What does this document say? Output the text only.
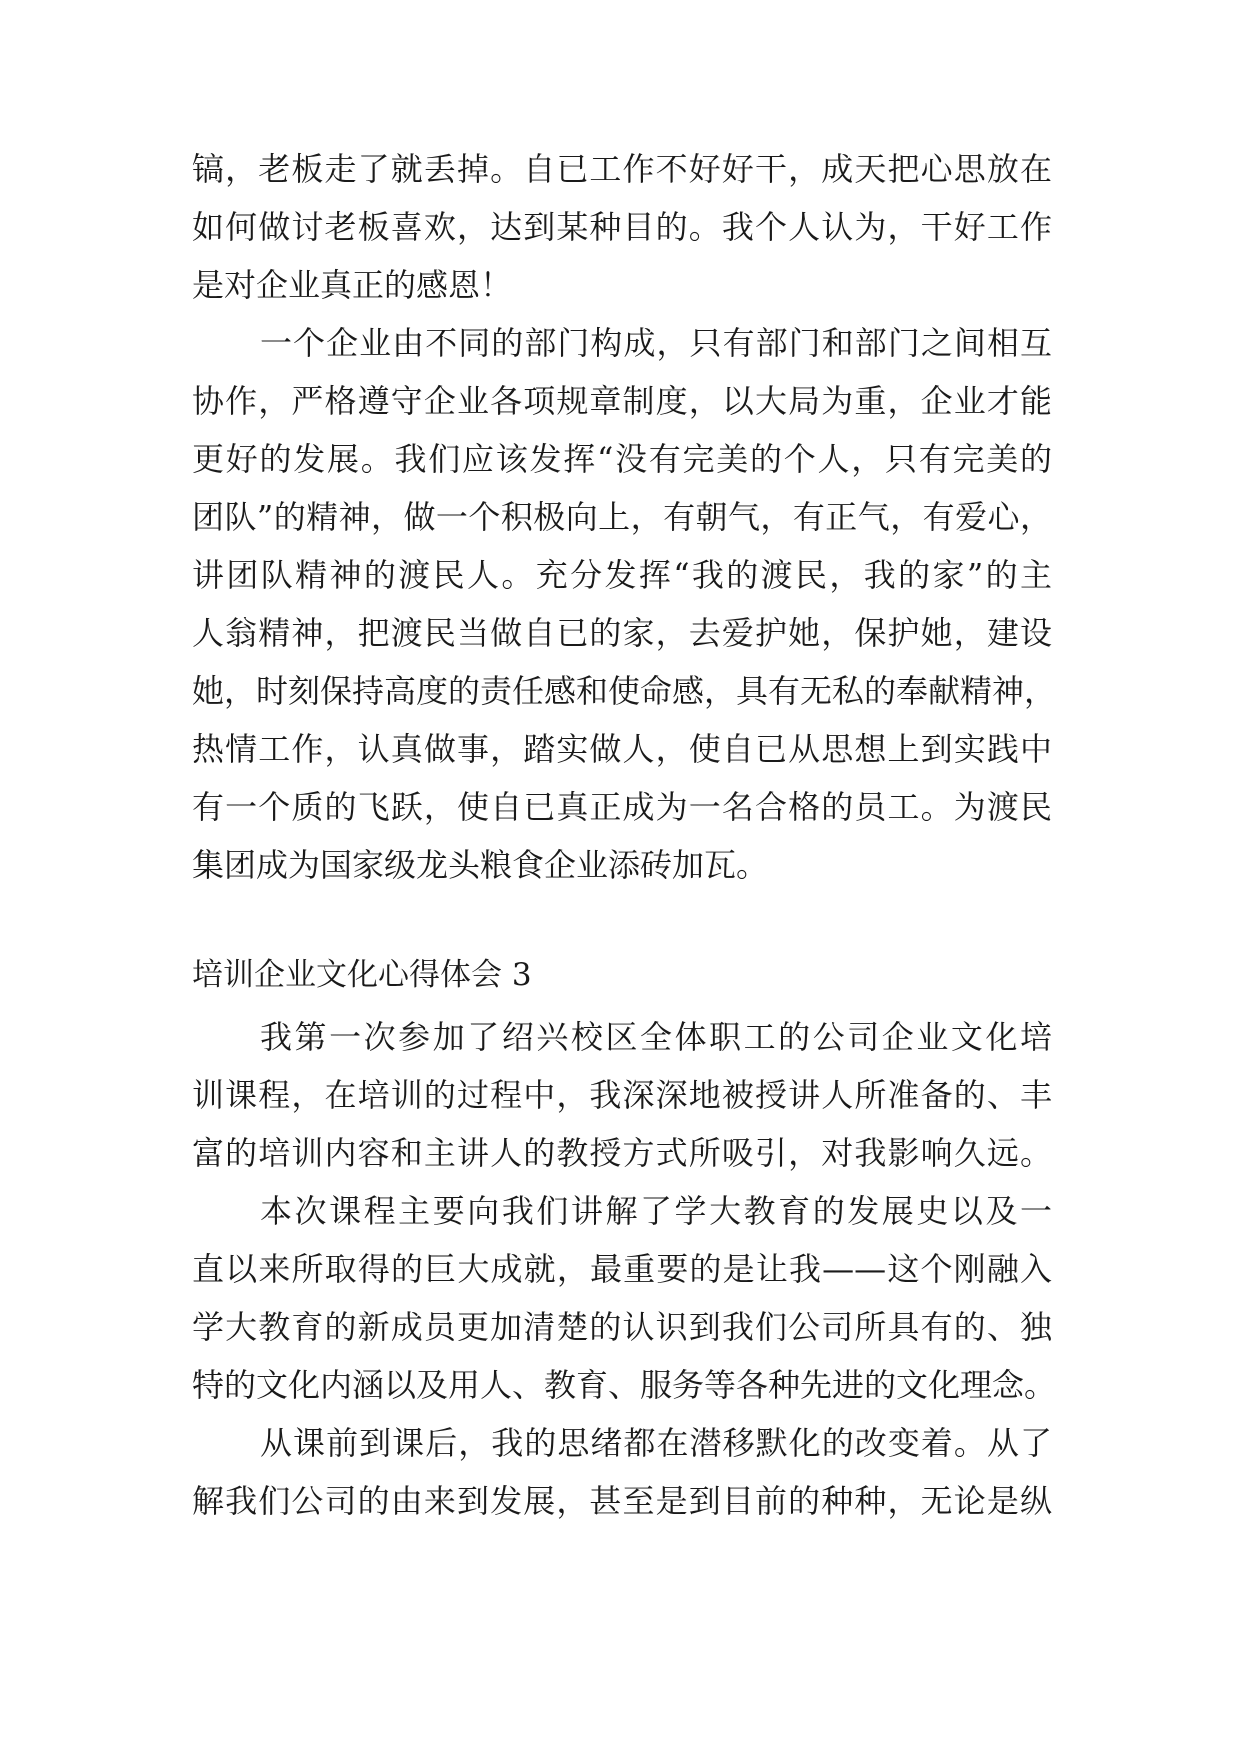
镐，老板走了就丢掉。自已工作不好好干，成天把心思放在
如何做讨老板喜欢，达到某种目的。我个人认为，干好工作
是对企业真正的感恩！
一个企业由不同的部门构成，只有部门和部门之间相互
协作，严格遵守企业各项规章制度，以大局为重，企业才能
更好的发展。我们应该发挥“没有完美的个人，只有完美的
团队”的精神，做一个积极向上，有朝气，有正气，有爱心，
讲团队精神的渡民人。充分发挥“我的渡民，我的家”的主
人翁精神，把渡民当做自已的家，去爱护她，保护她，建设
她，时刻保持高度的责任感和使命感，具有无私的奉献精神，
热情工作，认真做事，踏实做人，使自已从思想上到实践中
有一个质的飞跃，使自已真正成为一名合格的员工。为渡民
集团成为国家级龙头粮食企业添砖加瓦。
培训企业文化心得体会 3
我第一次参加了绍兴校区全体职工的公司企业文化培
训课程，在培训的过程中，我深深地被授讲人所准备的、丰
富的培训内容和主讲人的教授方式所吸引，对我影响久远。
本次课程主要向我们讲解了学大教育的发展史以及一
直以来所取得的巨大成就，最重要的是让我——这个刚融入
学大教育的新成员更加清楚的认识到我们公司所具有的、独
特的文化内涵以及用人、教育、服务等各种先进的文化理念。
从课前到课后，我的思绪都在潜移默化的改变着。从了
解我们公司的由来到发展，甚至是到目前的种种，无论是纵
